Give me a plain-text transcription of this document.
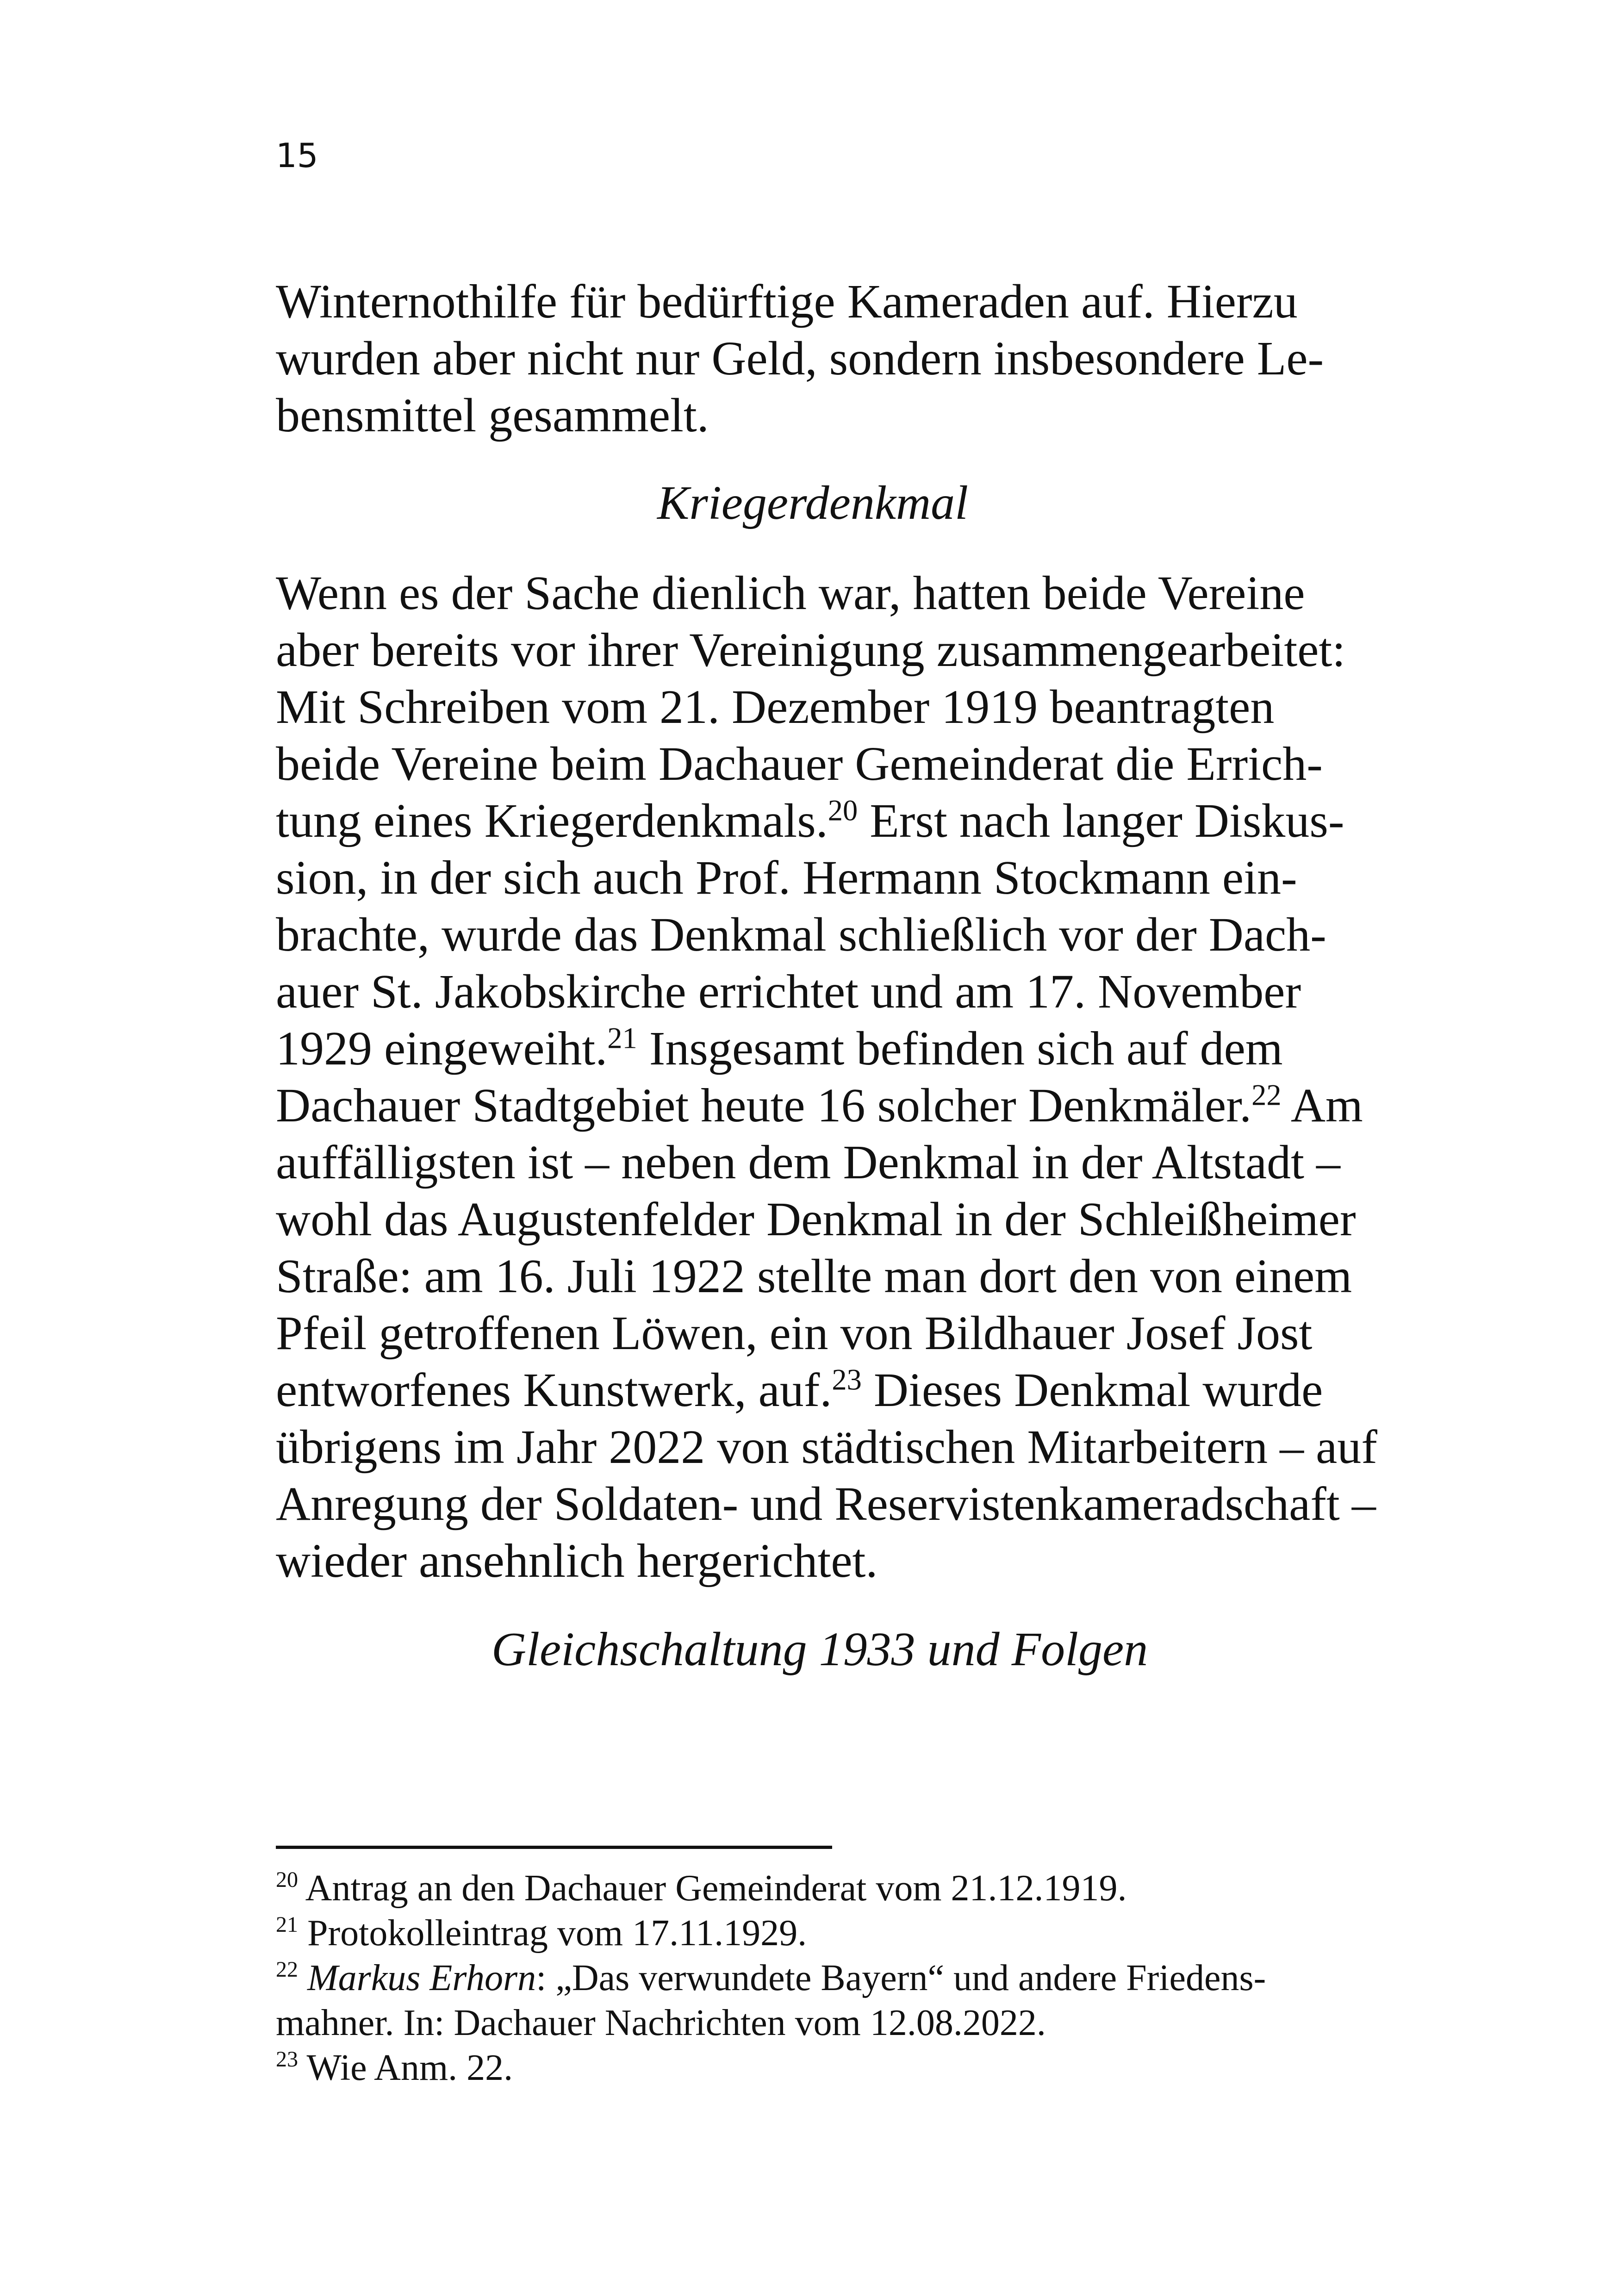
15
Winternothilfe für bedürftige Kameraden auf. Hierzu
wurden aber nicht nur Geld, sondern insbesondere Le-
bensmittel gesammelt.
Kriegerdenkmal
Wenn es der Sache dienlich war, hatten beide Vereine
aber bereits vor ihrer Vereinigung zusammengearbeitet:
Mit Schreiben vom 21. Dezember 1919 beantragten
beide Vereine beim Dachauer Gemeinderat die Errich-
tung eines Kriegerdenkmals.$^{20}$ Erst nach langer Diskus-
sion, in der sich auch Prof. Hermann Stockmann ein-
brachte, wurde das Denkmal schließlich vor der Dach-
auer St. Jakobskirche errichtet und am 17. November
1929 eingeweiht.$^{21}$ Insgesamt befinden sich auf dem
Dachauer Stadtgebiet heute 16 solcher Denkmäler.$^{22}$ Am
auffälligsten ist – neben dem Denkmal in der Altstadt –
wohl das Augustenfelder Denkmal in der Schleißheimer
Straße: am 16. Juli 1922 stellte man dort den von einem
Pfeil getroffenen Löwen, ein von Bildhauer Josef Jost
entworfenes Kunstwerk, auf.$^{23}$ Dieses Denkmal wurde
übrigens im Jahr 2022 von städtischen Mitarbeitern – auf
Anregung der Soldaten- und Reservistenkameradschaft –
wieder ansehnlich hergerichtet.
Gleichschaltung 1933 und Folgen
$^{20}$ Antrag an den Dachauer Gemeinderat vom 21.12.1919.
$^{21}$ Protokolleintrag vom 17.11.1929.
$^{22}$ Markus Erhorn: „Das verwundete Bayern“ und andere Friedens-
mahner. In: Dachauer Nachrichten vom 12.08.2022.
$^{23}$ Wie Anm. 22.
